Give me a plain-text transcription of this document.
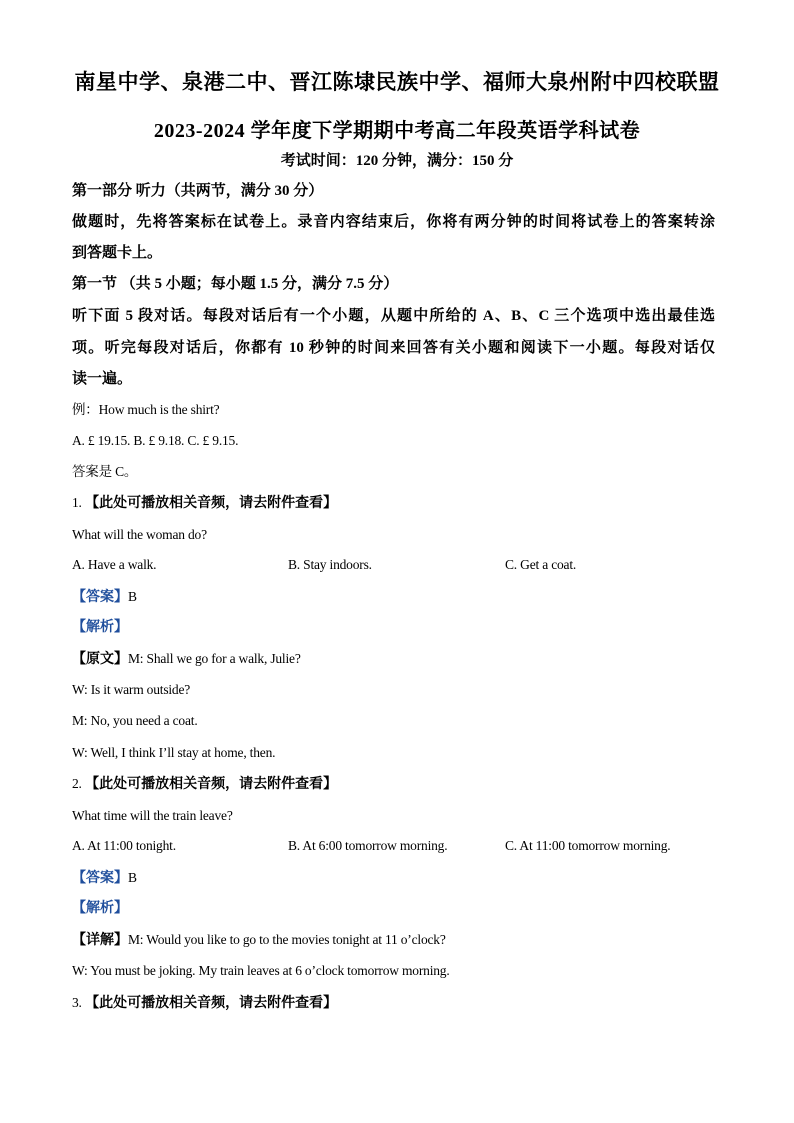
南星中学、泉港二中、晋江陈埭民族中学、福师大泉州附中四校联盟
2023-2024 学年度下学期期中考高二年段英语学科试卷
考试时间：120 分钟，满分：150 分
第一部分 听力（共两节，满分 30 分）
做题时，先将答案标在试卷上。录音内容结束后，你将有两分钟的时间将试卷上的答案转涂
到答题卡上。
第一节 （共 5 小题；每小题 1.5 分，满分 7.5 分）
听下面 5 段对话。每段对话后有一个小题，从题中所给的 A、B、C 三个选项中选出最佳选
项。听完每段对话后，你都有 10 秒钟的时间来回答有关小题和阅读下一小题。每段对话仅
读一遍。
例：How much is the shirt?
A. £ 19.15. B. £ 9.18. C. £ 9.15.
答案是 C。
1. 【此处可播放相关音频，请去附件查看】
What will the woman do?
A. Have a walk.	B. Stay indoors.	C. Get a coat.
【答案】B
【解析】
【原文】M: Shall we go for a walk, Julie?
W: Is it warm outside?
M: No, you need a coat.
W: Well, I think I’ll stay at home, then.
2. 【此处可播放相关音频，请去附件查看】
What time will the train leave?
A. At 11:00 tonight.	B. At 6:00 tomorrow morning.	C. At 11:00 tomorrow morning.
【答案】B
【解析】
【详解】M: Would you like to go to the movies tonight at 11 o’clock?
W: You must be joking. My train leaves at 6 o’clock tomorrow morning.
3. 【此处可播放相关音频，请去附件查看】
